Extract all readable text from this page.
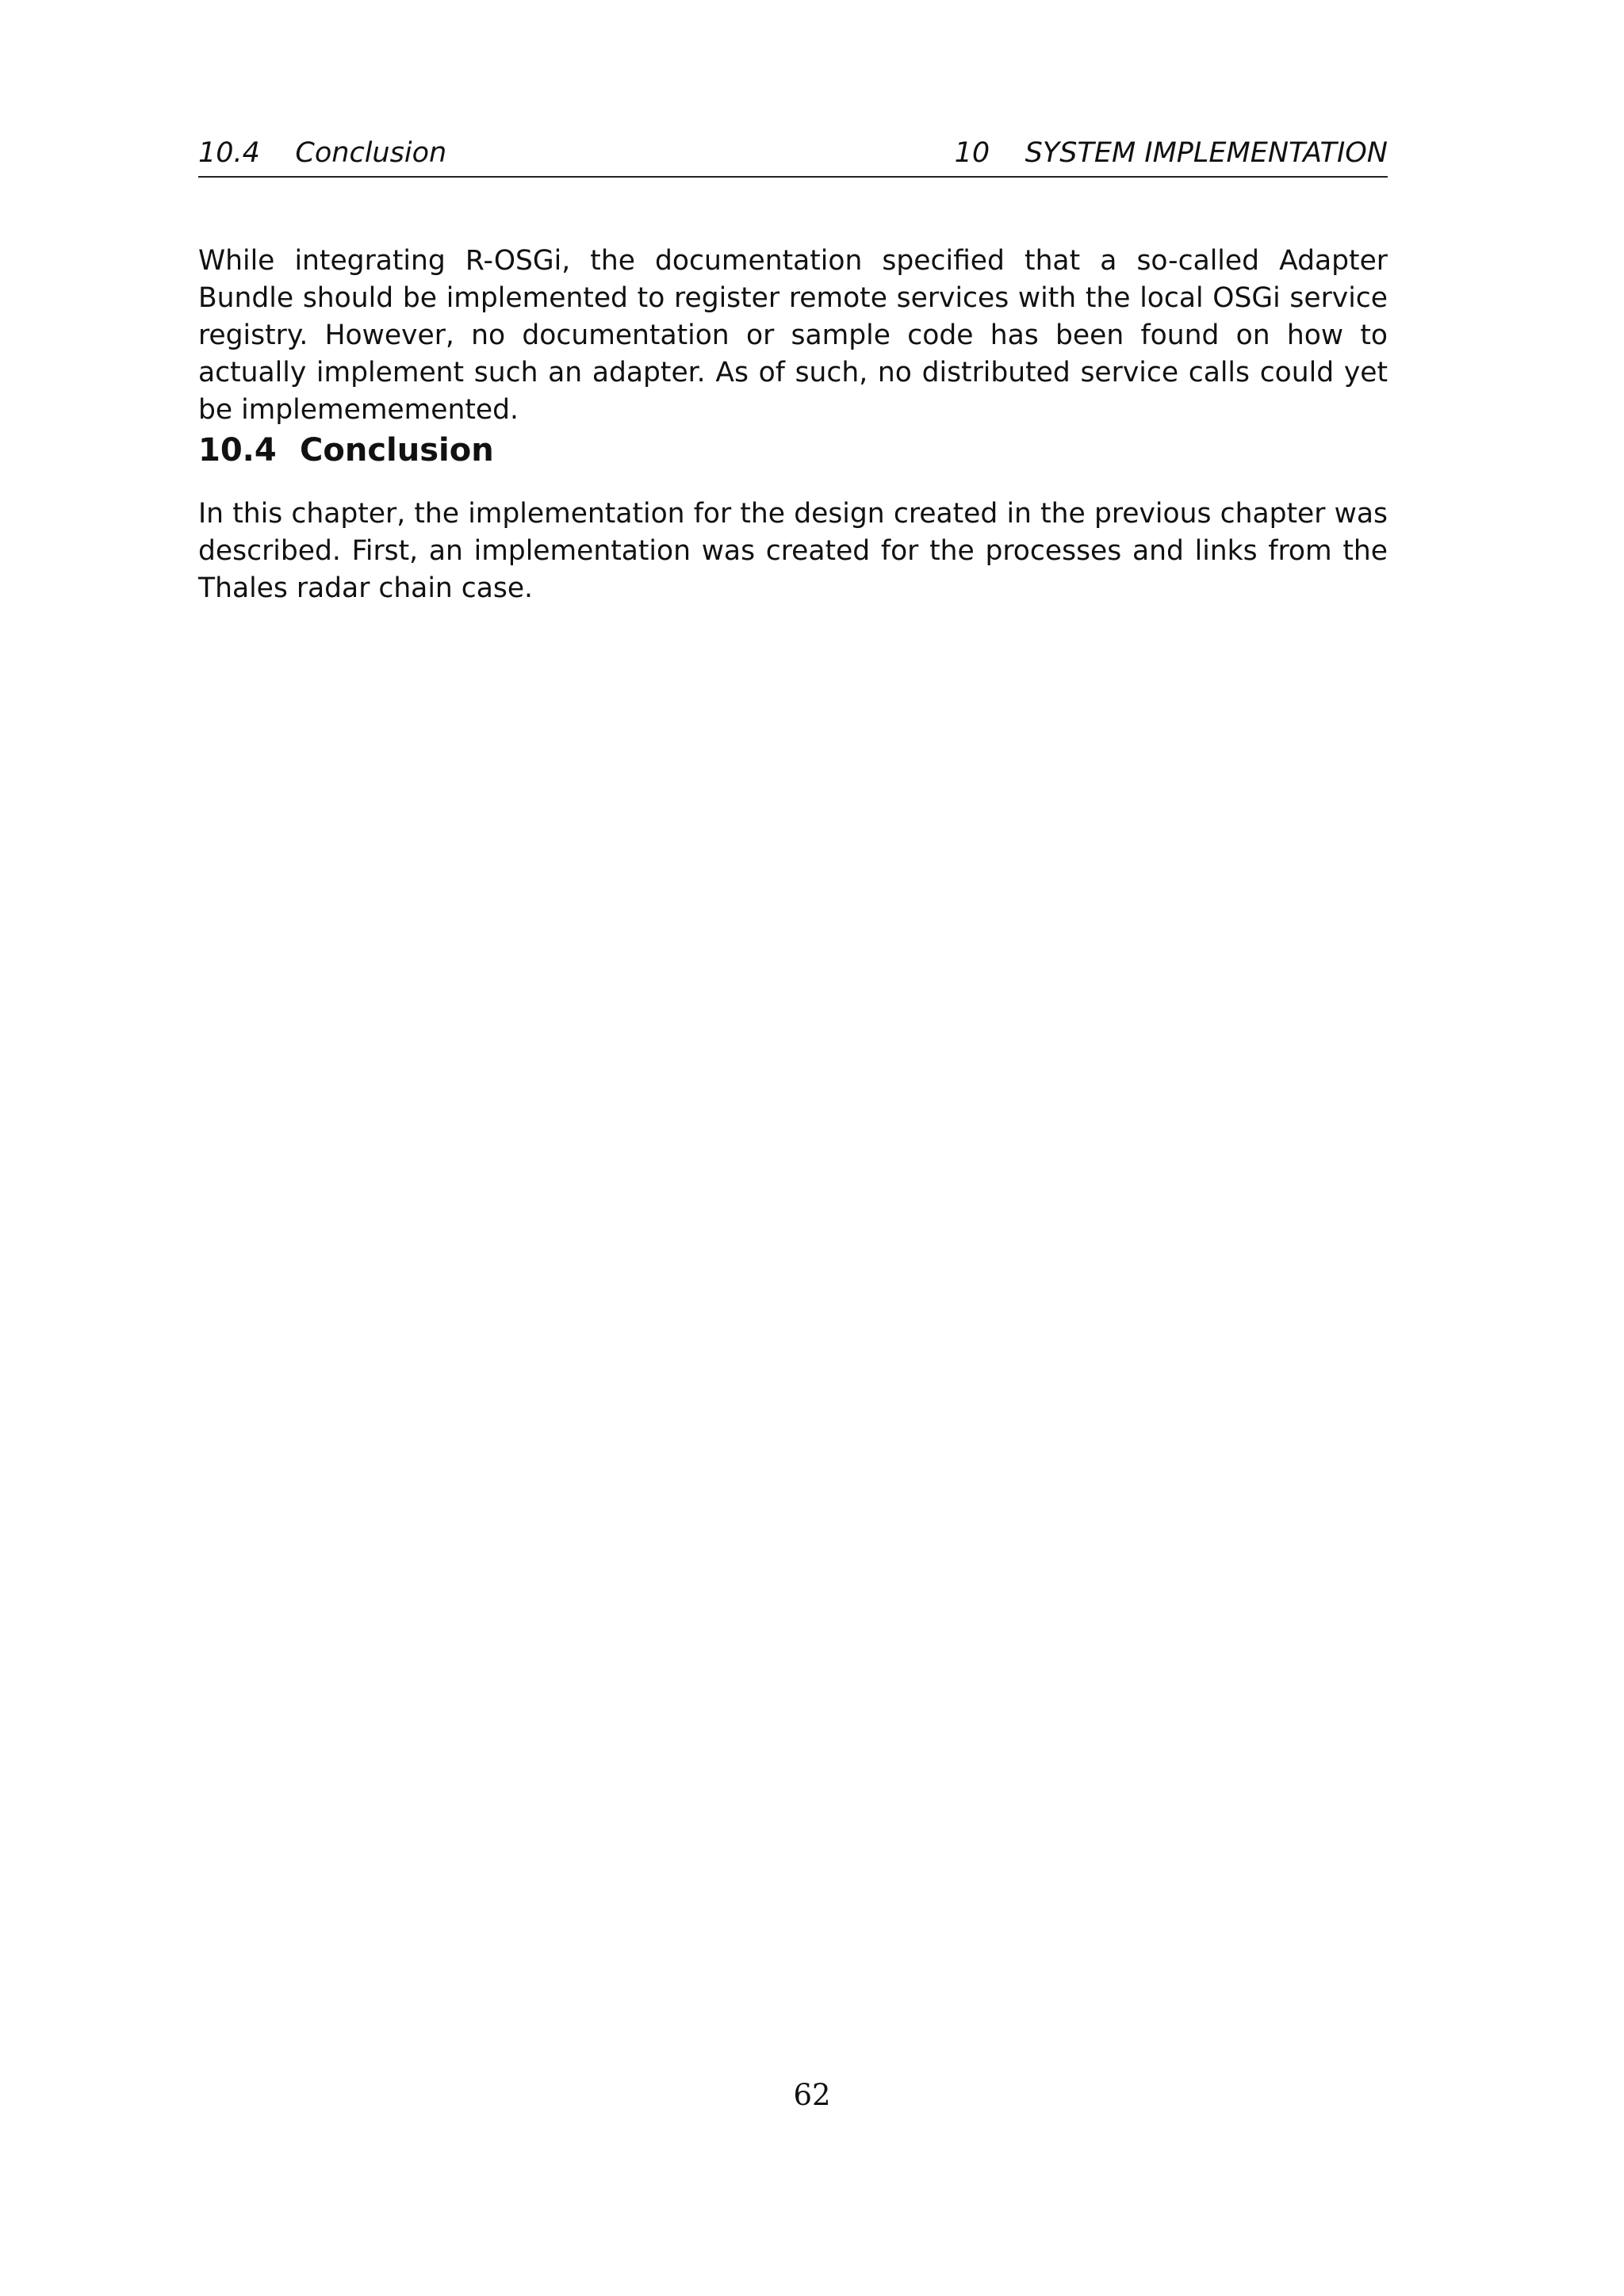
10.4    Conclusion	10    SYSTEM IMPLEMENTATION

While integrating R-OSGi, the documentation specified that a so-called Adapter Bundle should be implemented to register remote services with the local OSGi service registry. However, no documentation or sample code has been found on how to actually implement such an adapter. As of such, no distributed service calls could yet be implemememented.

10.4 Conclusion

In this chapter, the implementation for the design created in the previous chapter was described. First, an implementation was created for the processes and links from the Thales radar chain case.

62
